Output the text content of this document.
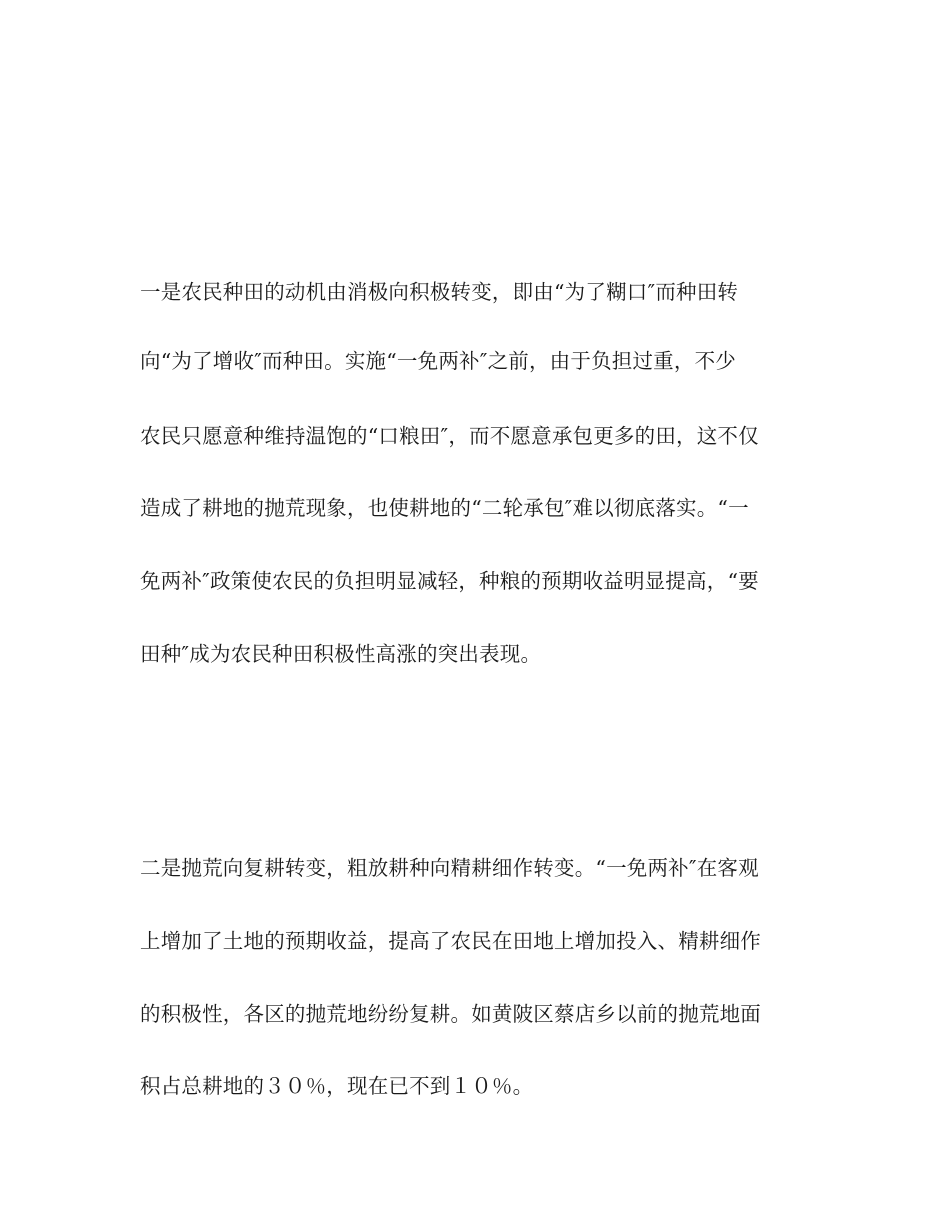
一是农民种田的动机由消极向积极转变，即由“为了糊口″而种田转
向“为了增收″而种田。实施“一免两补″之前，由于负担过重，不少
农民只愿意种维持温饱的“口粮田″，而不愿意承包更多的田，这不仅
造成了耕地的抛荒现象，也使耕地的“二轮承包″难以彻底落实。“一
免两补″政策使农民的负担明显减轻，种粮的预期收益明显提高，“要
田种″成为农民种田积极性高涨的突出表现。
二是抛荒向复耕转变，粗放耕种向精耕细作转变。“一免两补″在客观
上增加了土地的预期收益，提高了农民在田地上增加投入、精耕细作
的积极性，各区的抛荒地纷纷复耕。如黄陂区蔡店乡以前的抛荒地面
积占总耕地的３０％，现在已不到１０％。
